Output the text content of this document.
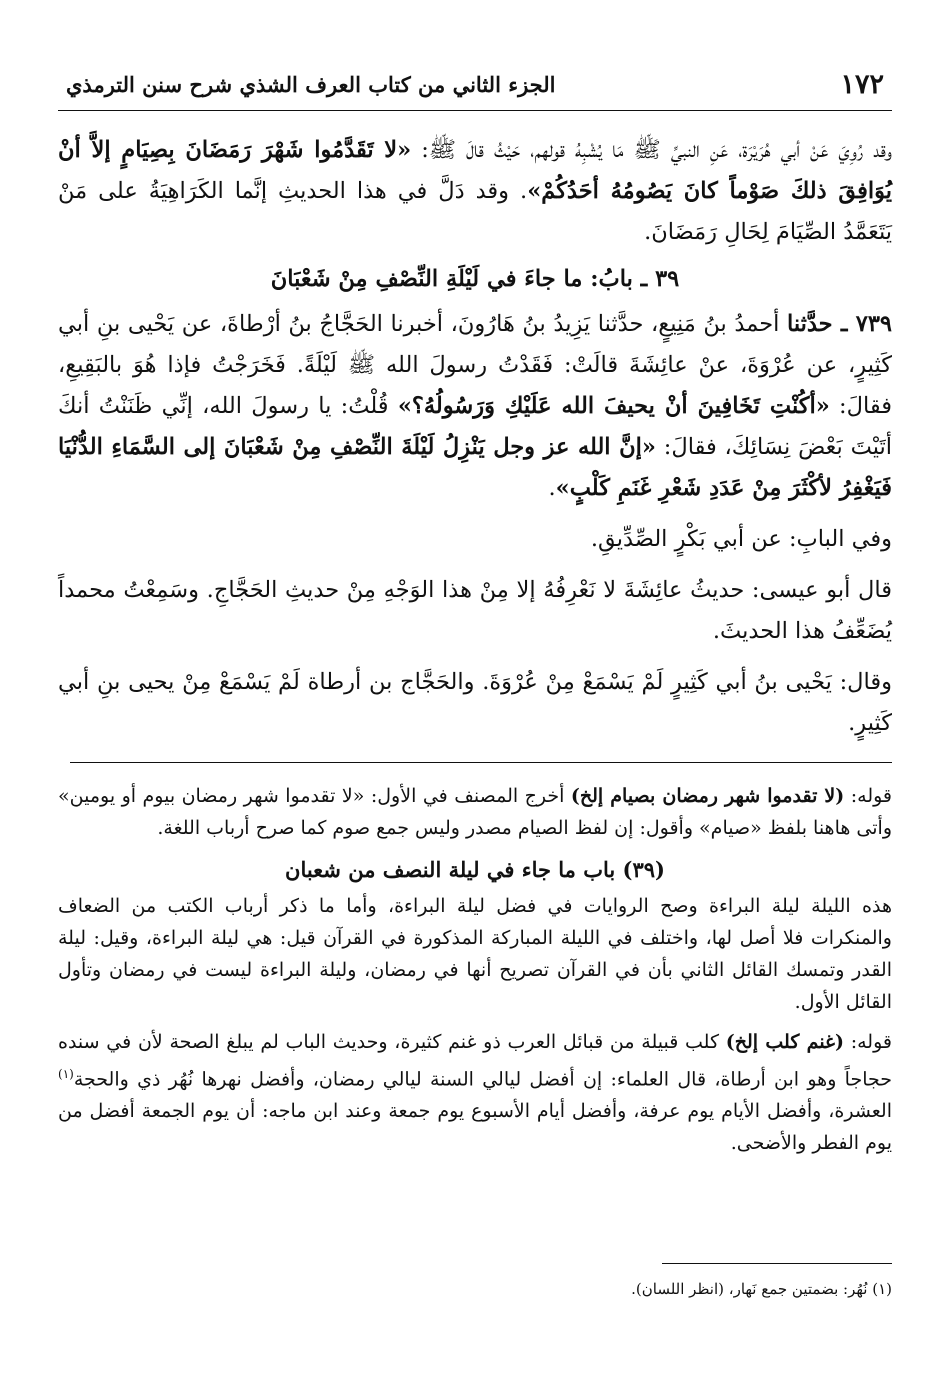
١٧٢
الجزء الثاني من كتاب العرف الشذي شرح سنن الترمذي

وقد رُوِيَ عَنْ أبي هُرَيْرَة، عَنِ النبيِّ ﷺ مَا يُشْبِهُ قولهم، حَيْثُ قالَ ﷺ: «لا تَقَدَّمُوا شَهْرَ رَمَضَانَ بِصِيَامٍ إلاَّ أنْ يُوَافِقَ ذلكَ صَوْماً كانَ يَصُومُهُ أحَدُكُمْ». وقد دَلَّ في هذا الحديثِ إنَّما الكَرَاهِيَةُ على مَنْ يَتَعَمَّدُ الصِّيَامَ لِحَالِ رَمَضَانَ.

٣٩ ـ بابُ: ما جاءَ في لَيْلَةِ النِّصْفِ مِنْ شَعْبَانَ

٧٣٩ ـ حدَّثنا أحمدُ بنُ مَنِيعٍ، حدَّثنا يَزِيدُ بنُ هَارُونَ، أخبرنا الحَجَّاجُ بنُ أرْطاةَ، عن يَحْيى بنِ أبي كَثِيرٍ، عن عُرْوَةَ، عنْ عائِشَةَ قالَتْ: فَقَدْتُ رسولَ الله ﷺ لَيْلَةً. فَخَرَجْتُ فإذا هُوَ بالبَقِيعِ، فقالَ: «أكُنْتِ تَخَافِينَ أنْ يحيفَ الله عَلَيْكِ وَرَسُولُهُ؟» قُلْتُ: يا رسولَ الله، إنِّي ظَنَنْتُ أنكَ أتَيْتَ بَعْضَ نِسَائِكَ، فقالَ: «إنَّ الله عز وجل يَنْزِلُ لَيْلَةَ النِّصْفِ مِنْ شَعْبَانَ إلى السَّمَاءِ الدُّنْيَا فَيَغْفِرُ لأكْثَرَ مِنْ عَدَدِ شَعْرِ غَنَمِ كَلْبٍ».

وفي البابِ: عن أبي بَكْرٍ الصِّدِّيقِ.

قال أبو عيسى: حديثُ عائِشَةَ لا نَعْرِفُهُ إلا مِنْ هذا الوَجْهِ مِنْ حديثِ الحَجَّاجِ. وسَمِعْتُ محمداً يُضَعِّفُ هذا الحديثَ.

وقال: يَحْيى بنُ أبي كَثِيرٍ لَمْ يَسْمَعْ مِنْ عُرْوَةَ. والحَجَّاج بن أرطاة لَمْ يَسْمَعْ مِنْ يحيى بنِ أبي كَثِيرٍ.

قوله: (لا تقدموا شهر رمضان بصيام إلخ) أخرج المصنف في الأول: «لا تقدموا شهر رمضان بيوم أو يومين» وأتى هاهنا بلفظ «صيام» وأقول: إن لفظ الصيام مصدر وليس جمع صوم كما صرح أرباب اللغة.

(٣٩) باب ما جاء في ليلة النصف من شعبان

هذه الليلة ليلة البراءة وصح الروايات في فضل ليلة البراءة، وأما ما ذكر أرباب الكتب من الضعاف والمنكرات فلا أصل لها، واختلف في الليلة المباركة المذكورة في القرآن قيل: هي ليلة البراءة، وقيل: ليلة القدر وتمسك القائل الثاني بأن في القرآن تصريح أنها في رمضان، وليلة البراءة ليست في رمضان وتأول القائل الأول.

قوله: (غنم كلب إلخ) كلب قبيلة من قبائل العرب ذو غنم كثيرة، وحديث الباب لم يبلغ الصحة لأن في سنده حجاجاً وهو ابن أرطاة، قال العلماء: إن أفضل ليالي السنة ليالي رمضان، وأفضل نهرها نُهُر ذي والحجة$^{(١)}$ العشرة، وأفضل الأيام يوم عرفة، وأفضل أيام الأسبوع يوم جمعة وعند ابن ماجه: أن يوم الجمعة أفضل من يوم الفطر والأضحى.

(١) نُهُر: بضمتين جمع نَهار، (انظر اللسان).
